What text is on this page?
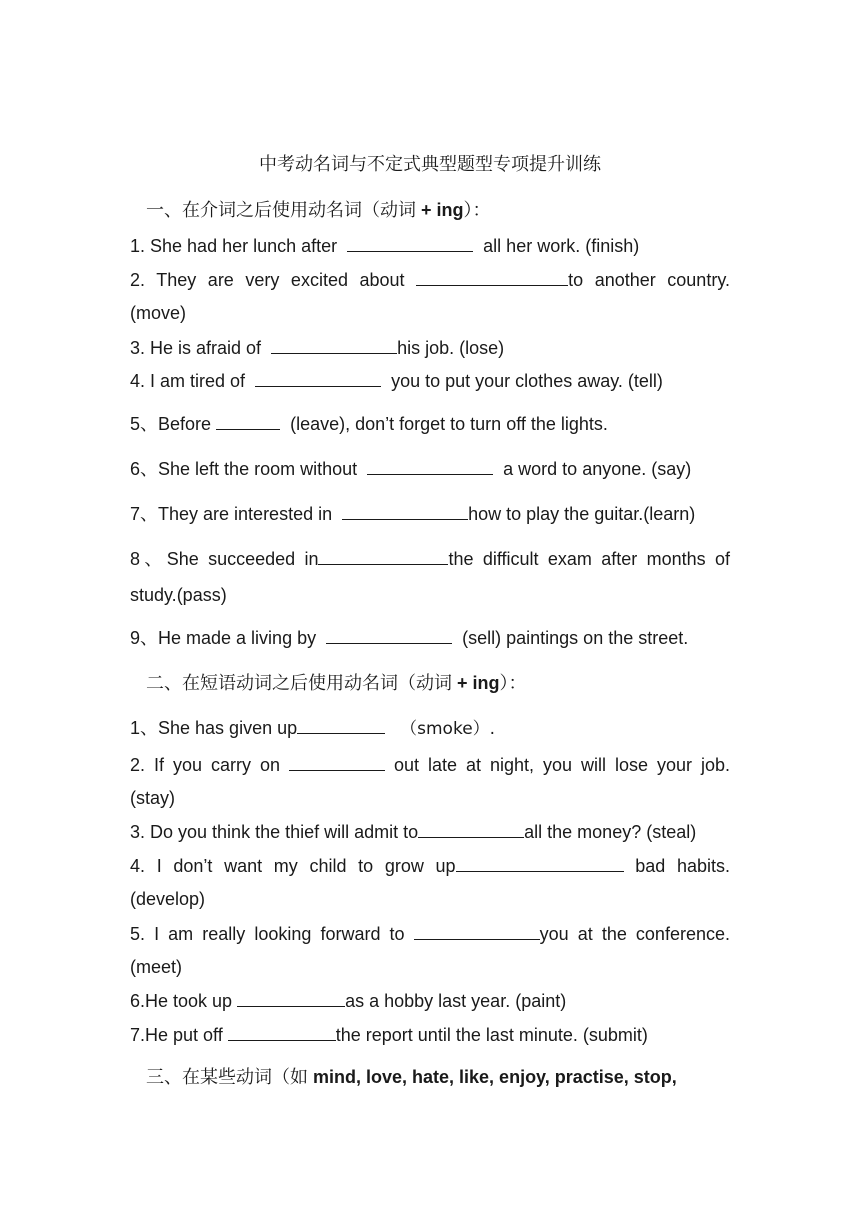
中考动名词与不定式典型题型专项提升训练
一、在介词之后使用动名词（动词 + ing）：
1. She had her lunch after	all her work. (finish)
2. They are very excited about	to another country.
(move)
3. He is afraid of	his job. (lose)
4. I am tired of	you to put your clothes away. (tell)
5、Before	(leave), don’t forget to turn off the lights.
6、She left the room without	a word to anyone. (say)
7、They are interested in	how to play the guitar.(learn)
8、She succeeded in	the difficult exam after months of
study.(pass)
9、He made a living by	(sell) paintings on the street.
二、在短语动词之后使用动名词（动词 + ing）：
1、She has given up	（smoke）.
2. If you carry on	out late at night, you will lose your job.
(stay)
3. Do you think the thief will admit to	all the money? (steal)
4. I don’t want my child to grow up	bad habits.
(develop)
5. I am really looking forward to	you at the conference.
(meet)
6.He took up	as a hobby last year. (paint)
7.He put off	the report until the last minute. (submit)
三、在某些动词（如 mind, love, hate, like, enjoy, practise, stop,
